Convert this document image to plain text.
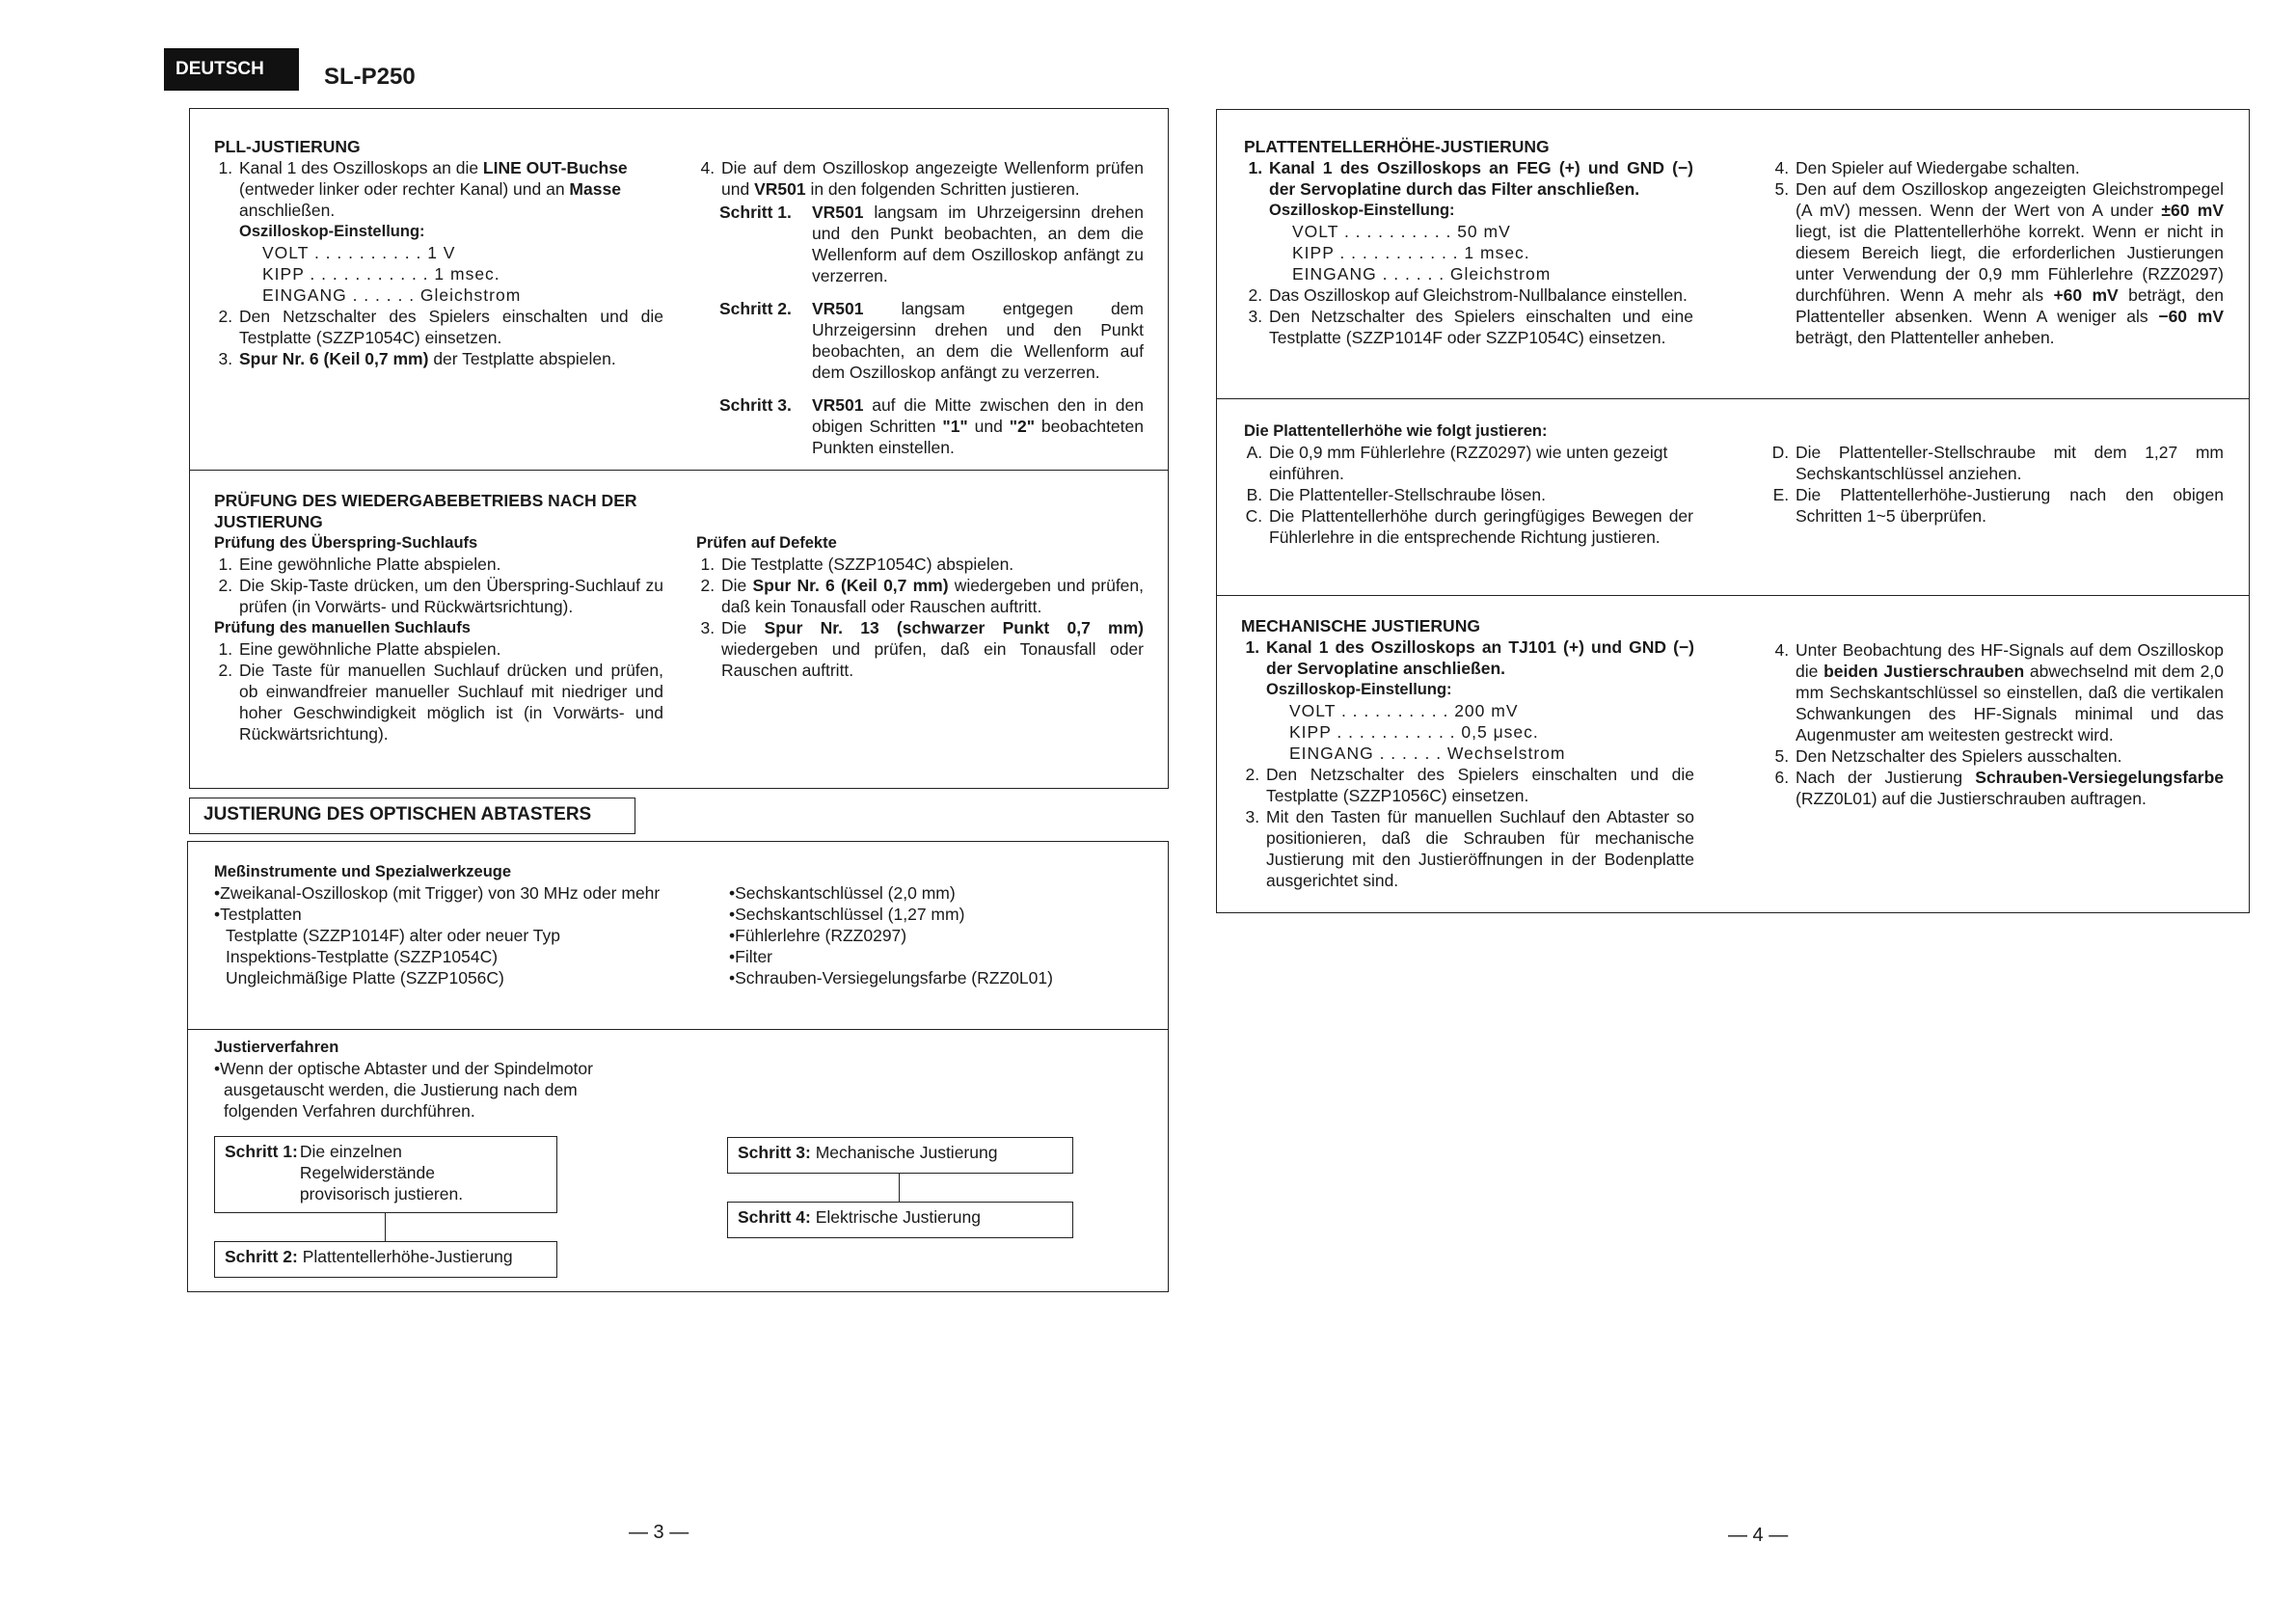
DEUTSCH	SL-P250

PLL-JUSTIERUNG

1. Kanal 1 des Oszilloskops an die LINE OUT-Buchse (entweder linker oder rechter Kanal) und an Masse anschließen.
Oszilloskop-Einstellung:
VOLT . . . . . . . . . . 1 V
KIPP . . . . . . . . . . . 1 msec.
EINGANG . . . . . . Gleichstrom
2. Den Netzschalter des Spielers einschalten und die Testplatte (SZZP1054C) einsetzen.
3. Spur Nr. 6 (Keil 0,7 mm) der Testplatte abspielen.
4. Die auf dem Oszilloskop angezeigte Wellenform prüfen und VR501 in den folgenden Schritten justieren.
Schritt 1.	VR501 langsam im Uhrzeigersinn drehen und den Punkt beobachten, an dem die Wellenform auf dem Oszilloskop anfängt zu verzerren.
Schritt 2.	VR501 langsam entgegen dem Uhrzeigersinn drehen und den Punkt beobachten, an dem die Wellenform auf dem Oszilloskop anfängt zu verzerren.
Schritt 3.	VR501 auf die Mitte zwischen den in den obigen Schritten "1" und "2" beobachteten Punkten einstellen.

PRÜFUNG DES WIEDERGABEBETRIEBS NACH DER

JUSTIERUNG

Prüfung des Überspring-Suchlaufs

1. Eine gewöhnliche Platte abspielen.
2. Die Skip-Taste drücken, um den Überspring-Suchlauf zu prüfen (in Vorwärts- und Rückwärtsrichtung).

Prüfung des manuellen Suchlaufs

1. Eine gewöhnliche Platte abspielen.
2. Die Taste für manuellen Suchlauf drücken und prüfen, ob einwandfreier manueller Suchlauf mit niedriger und hoher Geschwindigkeit möglich ist (in Vorwärts- und Rückwärtsrichtung).

Prüfen auf Defekte

1. Die Testplatte (SZZP1054C) abspielen.
2. Die Spur Nr. 6 (Keil 0,7 mm) wiedergeben und prüfen, daß kein Tonausfall oder Rauschen auftritt.
3. Die Spur Nr. 13 (schwarzer Punkt 0,7 mm) wiedergeben und prüfen, daß ein Tonausfall oder Rauschen auftritt.
JUSTIERUNG DES OPTISCHEN ABTASTERS

Meßinstrumente und Spezialwerkzeuge

•Zweikanal-Oszilloskop (mit Trigger) von 30 MHz oder mehr

•Testplatten

Testplatte (SZZP1014F) alter oder neuer Typ

Inspektions-Testplatte (SZZP1054C)

Ungleichmäßige Platte (SZZP1056C)

•Sechskantschlüssel (2,0 mm)

•Sechskantschlüssel (1,27 mm)

•Fühlerlehre (RZZ0297)

•Filter

•Schrauben-Versiegelungsfarbe (RZZ0L01)

Justierverfahren

•Wenn der optische Abtaster und der Spindelmotor ausgetauscht werden, die Justierung nach dem folgenden Verfahren durchführen.

Schritt 1: Die einzelnen Regelwiderstände provisorisch justieren.
Schritt 2: Plattentellerhöhe-Justierung
Schritt 3: Mechanische Justierung
Schritt 4: Elektrische Justierung
— 3 —

PLATTENTELLERHÖHE-JUSTIERUNG

1. Kanal 1 des Oszilloskops an FEG (+) und GND (−) der Servoplatine durch das Filter anschließen.
Oszilloskop-Einstellung:
VOLT . . . . . . . . . . 50 mV
KIPP . . . . . . . . . . . 1 msec.
EINGANG . . . . . . Gleichstrom
2. Das Oszilloskop auf Gleichstrom-Nullbalance einstellen.
3. Den Netzschalter des Spielers einschalten und eine Testplatte (SZZP1014F oder SZZP1054C) einsetzen.
4. Den Spieler auf Wiedergabe schalten.
5. Den auf dem Oszilloskop angezeigten Gleichstrompegel (A mV) messen. Wenn der Wert von A under ±60 mV liegt, ist die Plattentellerhöhe korrekt. Wenn er nicht in diesem Bereich liegt, die erforderlichen Justierungen unter Verwendung der 0,9 mm Fühlerlehre (RZZ0297) durchführen. Wenn A mehr als +60 mV beträgt, den Plattenteller absenken. Wenn A weniger als −60 mV beträgt, den Plattenteller anheben.

Die Plattentellerhöhe wie folgt justieren:

A. Die 0,9 mm Fühlerlehre (RZZ0297) wie unten gezeigt einführen.
B. Die Plattenteller-Stellschraube lösen.
C. Die Plattentellerhöhe durch geringfügiges Bewegen der Fühlerlehre in die entsprechende Richtung justieren.
D. Die Plattenteller-Stellschraube mit dem 1,27 mm Sechskantschlüssel anziehen.
E. Die Plattentellerhöhe-Justierung nach den obigen Schritten 1~5 überprüfen.

MECHANISCHE JUSTIERUNG

1. Kanal 1 des Oszilloskops an TJ101 (+) und GND (−) der Servoplatine anschließen.
Oszilloskop-Einstellung:
VOLT . . . . . . . . . . 200 mV
KIPP . . . . . . . . . . . 0,5 μsec.
EINGANG . . . . . . Wechselstrom
2. Den Netzschalter des Spielers einschalten und die Testplatte (SZZP1056C) einsetzen.
3. Mit den Tasten für manuellen Suchlauf den Abtaster so positionieren, daß die Schrauben für mechanische Justierung mit den Justieröffnungen in der Bodenplatte ausgerichtet sind.
4. Unter Beobachtung des HF-Signals auf dem Oszilloskop die beiden Justierschrauben abwechselnd mit dem 2,0 mm Sechskantschlüssel so einstellen, daß die vertikalen Schwankungen des HF-Signals minimal und das Augenmuster am weitesten gestreckt wird.
5. Den Netzschalter des Spielers ausschalten.
6. Nach der Justierung Schrauben-Versiegelungsfarbe (RZZ0L01) auf die Justierschrauben auftragen.
— 4 —
